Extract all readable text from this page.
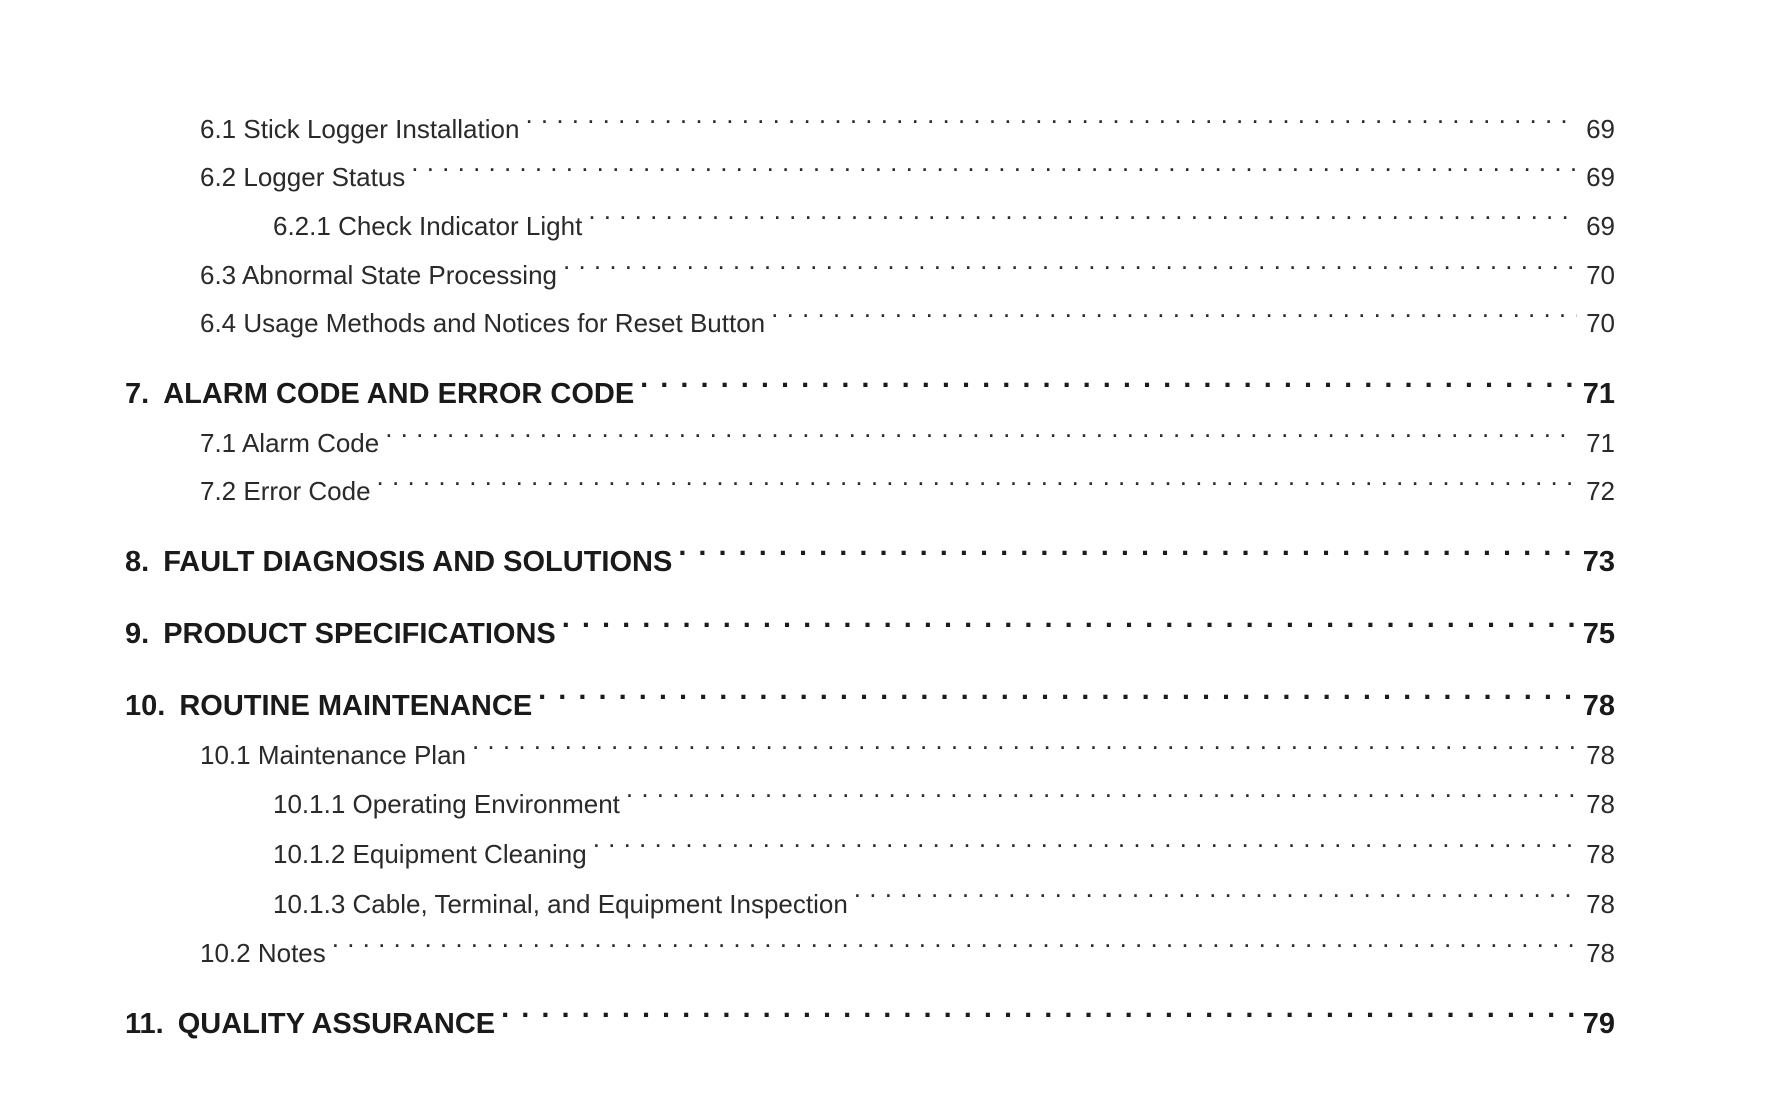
6.1 Stick Logger Installation . . .	69
6.2 Logger Status . . .	69
6.2.1 Check Indicator Light . . .	69
6.3 Abnormal State Processing . . .	70
6.4 Usage Methods and Notices for Reset Button . . .	70
7. ALARM CODE AND ERROR CODE . . .	71
7.1 Alarm Code . . .	71
7.2 Error Code . . .	72
8. FAULT DIAGNOSIS AND SOLUTIONS . . .	73
9. PRODUCT SPECIFICATIONS . . .	75
10. ROUTINE MAINTENANCE . . .	78
10.1 Maintenance Plan . . .	78
10.1.1 Operating Environment . . .	78
10.1.2 Equipment Cleaning . . .	78
10.1.3 Cable, Terminal, and Equipment Inspection . . .	78
10.2 Notes . . .	78
11. QUALITY ASSURANCE . . .	79
